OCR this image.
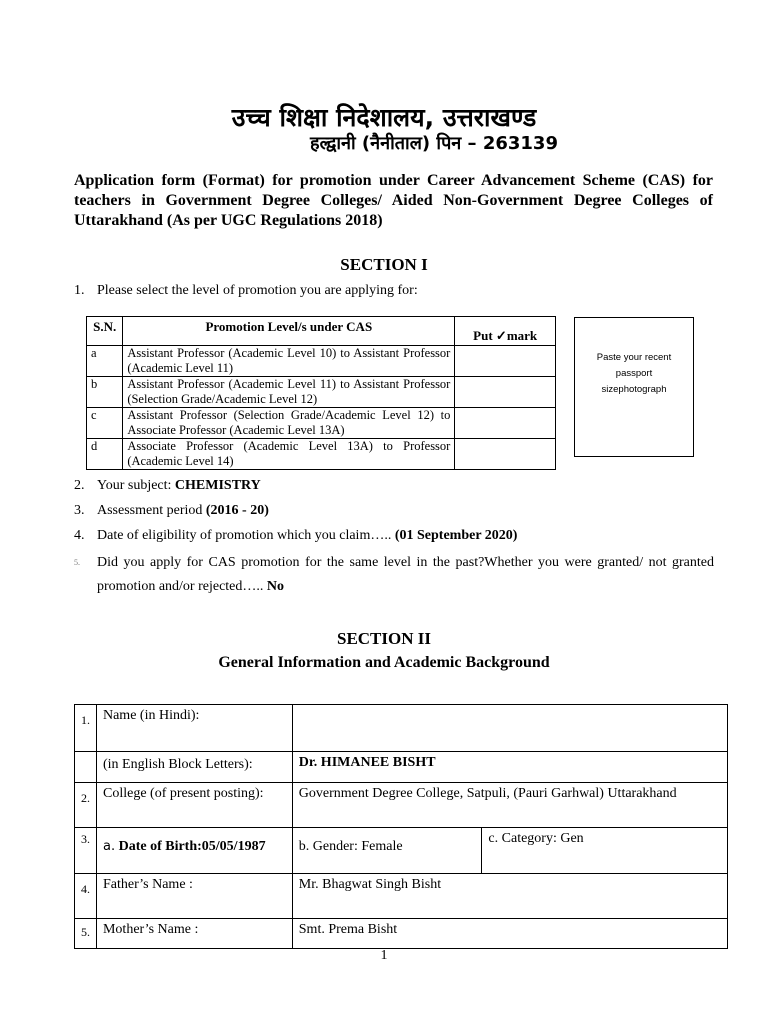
उच्च शिक्षा निदेशालय, उत्तराखण्ड
हल्द्वानी (नैनीताल) पिन – 263139
Application form (Format) for promotion under Career Advancement Scheme (CAS) for teachers in Government Degree Colleges/ Aided Non-Government Degree Colleges of Uttarakhand (As per UGC Regulations 2018)
SECTION I
1. Please select the level of promotion you are applying for:
S.N.	Promotion Level/s under CAS	Put ✓mark
a	Assistant Professor (Academic Level 10) to Assistant Professor (Academic Level 11)	
b	Assistant Professor (Academic Level 11) to Assistant Professor (Selection Grade/Academic Level 12)	
c	Assistant Professor (Selection Grade/Academic Level 12) to Associate Professor (Academic Level 13A)	
d	Associate Professor (Academic Level 13A) to Professor (Academic Level 14)	
Paste your recent
passport
sizephotograph
2. Your subject: CHEMISTRY
3. Assessment period (2016 - 20)
4. Date of eligibility of promotion which you claim….. (01 September 2020)
5. Did you apply for CAS promotion for the same level in the past?Whether you were granted/ not granted promotion and/or rejected….. No
SECTION II
General Information and Academic Background
1.	Name (in Hindi):		
	(in English Block Letters):	Dr. HIMANEE BISHT	
2.	College (of present posting):	Government Degree College, Satpuli, (Pauri Garhwal) Uttarakhand	
3.	a. Date of Birth:05/05/1987	b. Gender: Female	c. Category: Gen
4.	Father’s Name :	Mr. Bhagwat Singh Bisht	
5.	Mother’s Name :	Smt. Prema Bisht	
1
